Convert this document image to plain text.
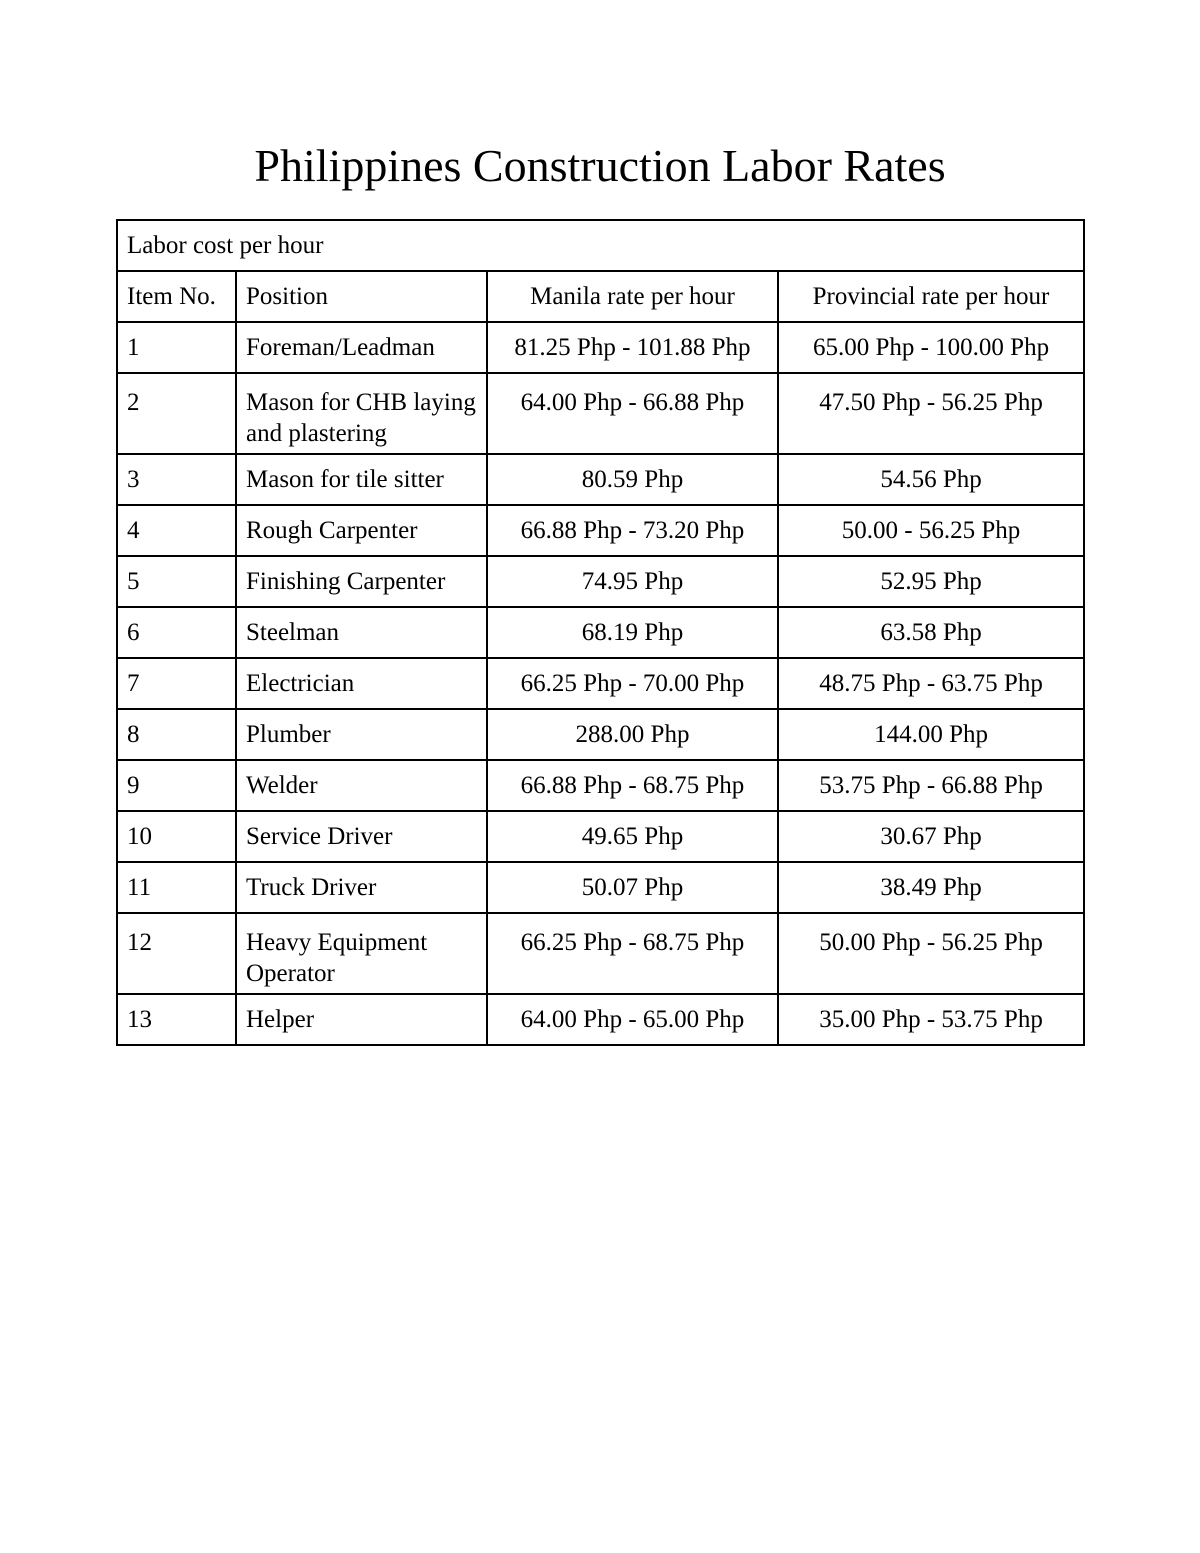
Philippines Construction Labor Rates
Labor cost per hour			
Item No.	Position	Manila rate per hour	Provincial rate per hour
1	Foreman/Leadman	81.25 Php - 101.88 Php	65.00 Php - 100.00 Php
2	Mason for CHB laying and plastering	64.00 Php - 66.88 Php	47.50 Php - 56.25 Php
3	Mason for tile sitter	80.59 Php	54.56 Php
4	Rough Carpenter	66.88 Php - 73.20 Php	50.00 - 56.25 Php
5	Finishing Carpenter	74.95 Php	52.95 Php
6	Steelman	68.19 Php	63.58 Php
7	Electrician	66.25 Php - 70.00 Php	48.75 Php - 63.75 Php
8	Plumber	288.00 Php	144.00 Php
9	Welder	66.88 Php - 68.75 Php	53.75 Php - 66.88 Php
10	Service Driver	49.65 Php	30.67 Php
11	Truck Driver	50.07 Php	38.49 Php
12	Heavy Equipment Operator	66.25 Php - 68.75 Php	50.00 Php - 56.25 Php
13	Helper	64.00 Php - 65.00 Php	35.00 Php - 53.75 Php
